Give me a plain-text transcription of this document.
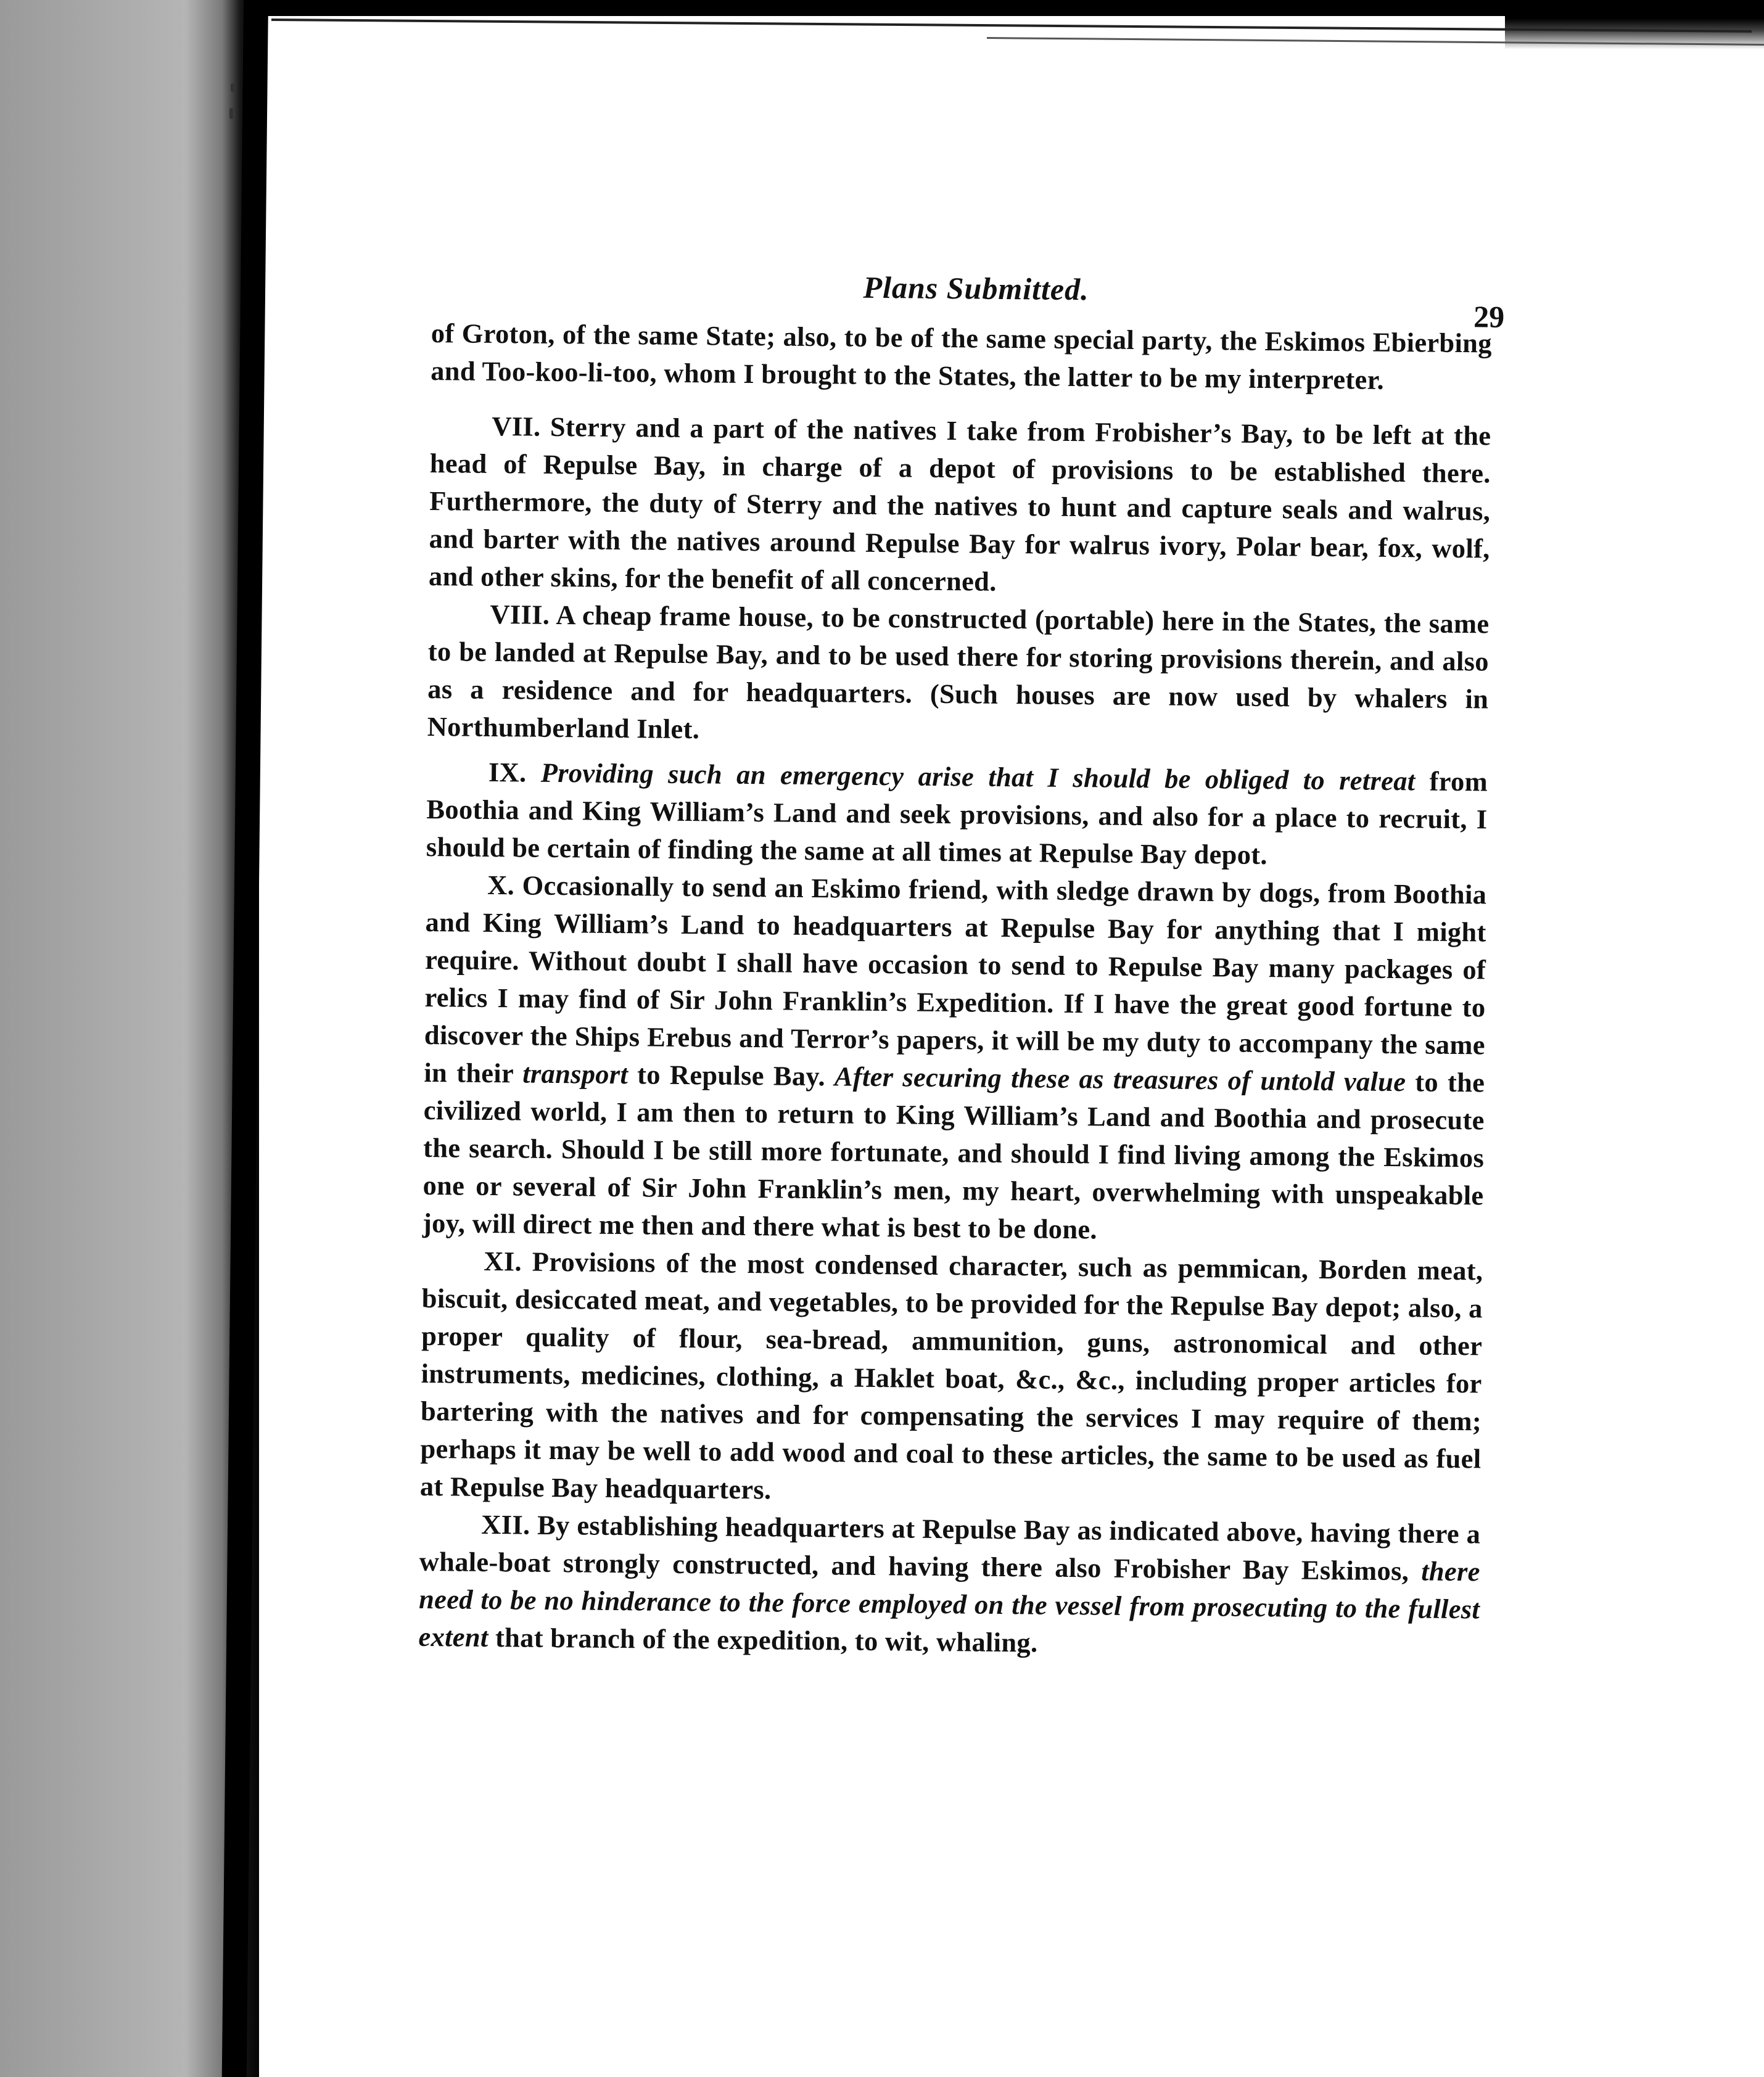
Plans Submitted.
29

of Groton, of the same State; also, to be of the same special party, the Eskimos Ebierbing and Too-koo-li-too, whom I brought to the States, the latter to be my interpreter.

VII. Sterry and a part of the natives I take from Frobisher’s Bay, to be left at the head of Repulse Bay, in charge of a depot of provisions to be established there. Furthermore, the duty of Sterry and the natives to hunt and capture seals and walrus, and barter with the natives around Repulse Bay for walrus ivory, Polar bear, fox, wolf, and other skins, for the benefit of all concerned.

VIII. A cheap frame house, to be constructed (portable) here in the States, the same to be landed at Repulse Bay, and to be used there for storing provisions therein, and also as a residence and for headquarters. (Such houses are now used by whalers in Northumberland Inlet.

IX. Providing such an emergency arise that I should be obliged to retreat from Boothia and King William’s Land and seek provisions, and also for a place to recruit, I should be certain of finding the same at all times at Repulse Bay depot.

X. Occasionally to send an Eskimo friend, with sledge drawn by dogs, from Boothia and King William’s Land to headquarters at Repulse Bay for anything that I might require. Without doubt I shall have occasion to send to Repulse Bay many packages of relics I may find of Sir John Franklin’s Expedition. If I have the great good fortune to discover the Ships Erebus and Terror’s papers, it will be my duty to accompany the same in their transport to Repulse Bay. After securing these as treasures of untold value to the civilized world, I am then to return to King William’s Land and Boothia and prosecute the search. Should I be still more fortunate, and should I find living among the Eskimos one or several of Sir John Franklin’s men, my heart, overwhelming with unspeakable joy, will direct me then and there what is best to be done.

XI. Provisions of the most condensed character, such as pemmican, Borden meat, biscuit, desiccated meat, and vegetables, to be provided for the Repulse Bay depot; also, a proper quality of flour, sea-bread, ammunition, guns, astronomical and other instruments, medicines, clothing, a Haklet boat, &c., &c., including proper articles for bartering with the natives and for compensating the services I may require of them; perhaps it may be well to add wood and coal to these articles, the same to be used as fuel at Repulse Bay headquarters.

XII. By establishing headquarters at Repulse Bay as indicated above, having there a whale-boat strongly constructed, and having there also Frobisher Bay Eskimos, there need to be no hinderance to the force employed on the vessel from prosecuting to the fullest extent that branch of the expedition, to wit, whaling.
